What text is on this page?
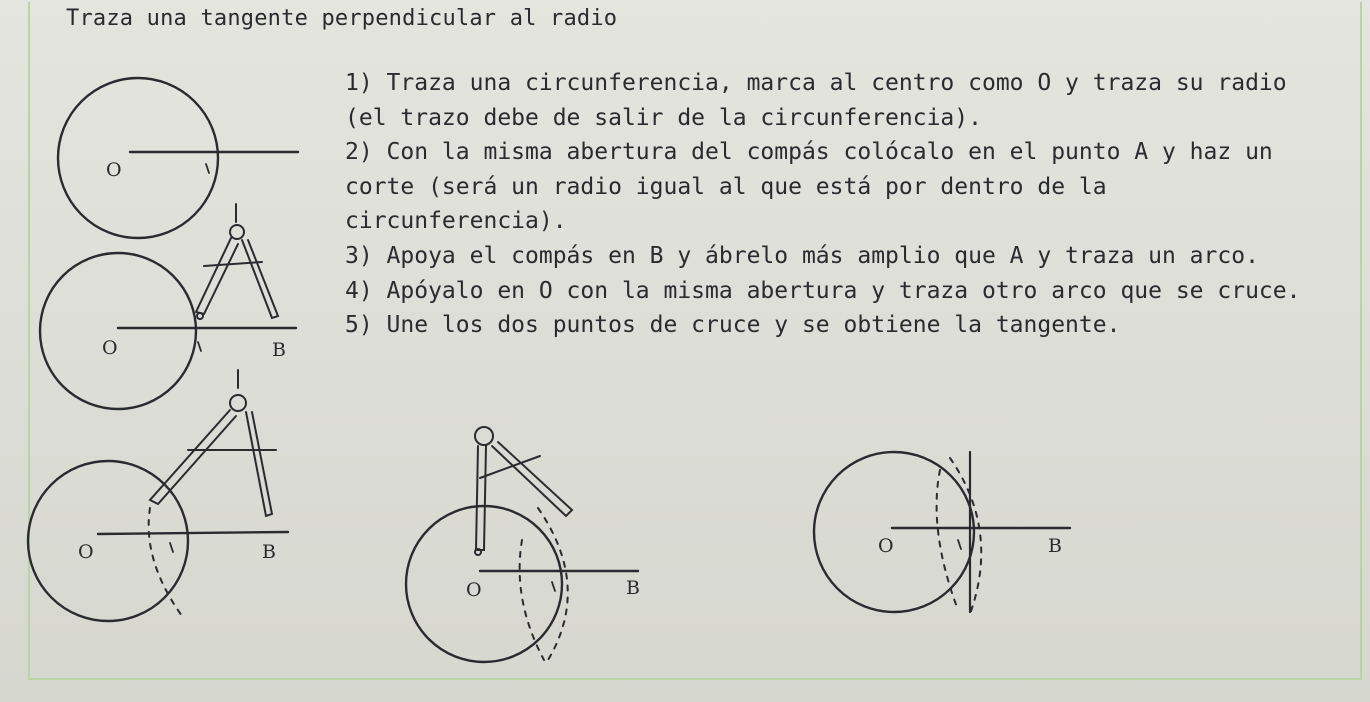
Traza una tangente perpendicular al radio

1) Traza una circunferencia, marca al centro como O y traza su radio (el trazo debe de salir de la circunferencia).

2) Con la misma abertura del compás colócalo en el punto A y haz un corte (será un radio igual al que está por dentro de la circunferencia).

3) Apoya el compás en B y ábrelo más amplio que A y traza un arco.

4) Apóyalo en O con la misma abertura y traza otro arco que se cruce.

5) Une los dos puntos de cruce y se obtiene la tangente.

O
O	B
O	B
O	B
O	B
